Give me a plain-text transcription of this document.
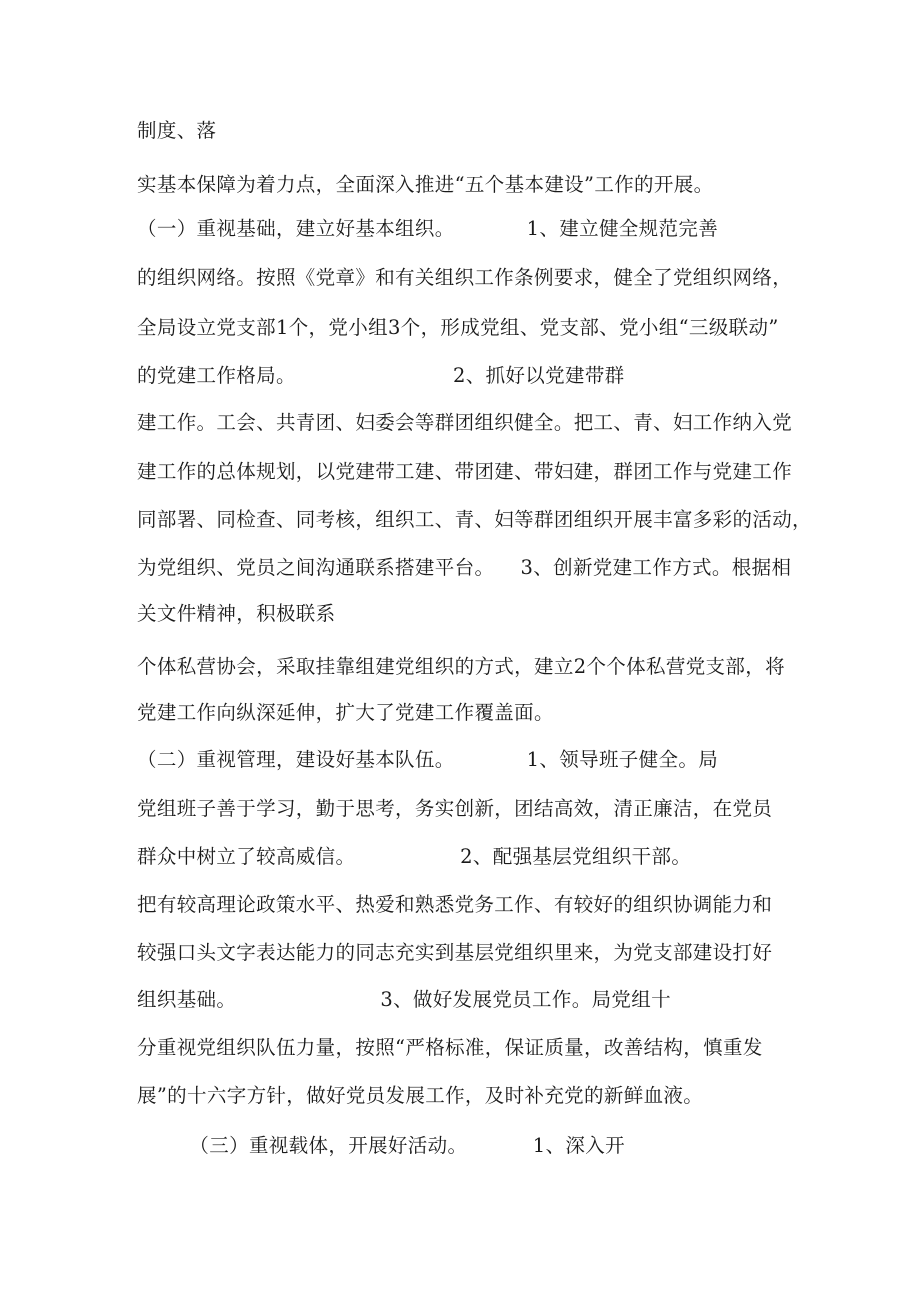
制度、落
实基本保障为着力点，全面深入推进“五个基本建设”工作的开展。
（一）重视基础，建立好基本组织。           1、建立健全规范完善
的组织网络。按照《党章》和有关组织工作条例要求，健全了党组织网络，
全局设立党支部1个，党小组3个，形成党组、党支部、党小组“三级联动”
的党建工作格局。                        2、抓好以党建带群
建工作。工会、共青团、妇委会等群团组织健全。把工、青、妇工作纳入党
建工作的总体规划，以党建带工建、带团建、带妇建，群团工作与党建工作
同部署、同检查、同考核，组织工、青、妇等群团组织开展丰富多彩的活动，
为党组织、党员之间沟通联系搭建平台。    3、创新党建工作方式。根据相
关文件精神，积极联系
个体私营协会，采取挂靠组建党组织的方式，建立2个个体私营党支部，将
党建工作向纵深延伸，扩大了党建工作覆盖面。
（二）重视管理，建设好基本队伍。           1、领导班子健全。局
党组班子善于学习，勤于思考，务实创新，团结高效，清正廉洁，在党员
群众中树立了较高威信。                2、配强基层党组织干部。
把有较高理论政策水平、热爱和熟悉党务工作、有较好的组织协调能力和
较强口头文字表达能力的同志充实到基层党组织里来，为党支部建设打好
组织基础。                      3、做好发展党员工作。局党组十
分重视党组织队伍力量，按照“严格标准，保证质量，改善结构，慎重发
展”的十六字方针，做好党员发展工作，及时补充党的新鲜血液。
（三）重视载体，开展好活动。          1、深入开
